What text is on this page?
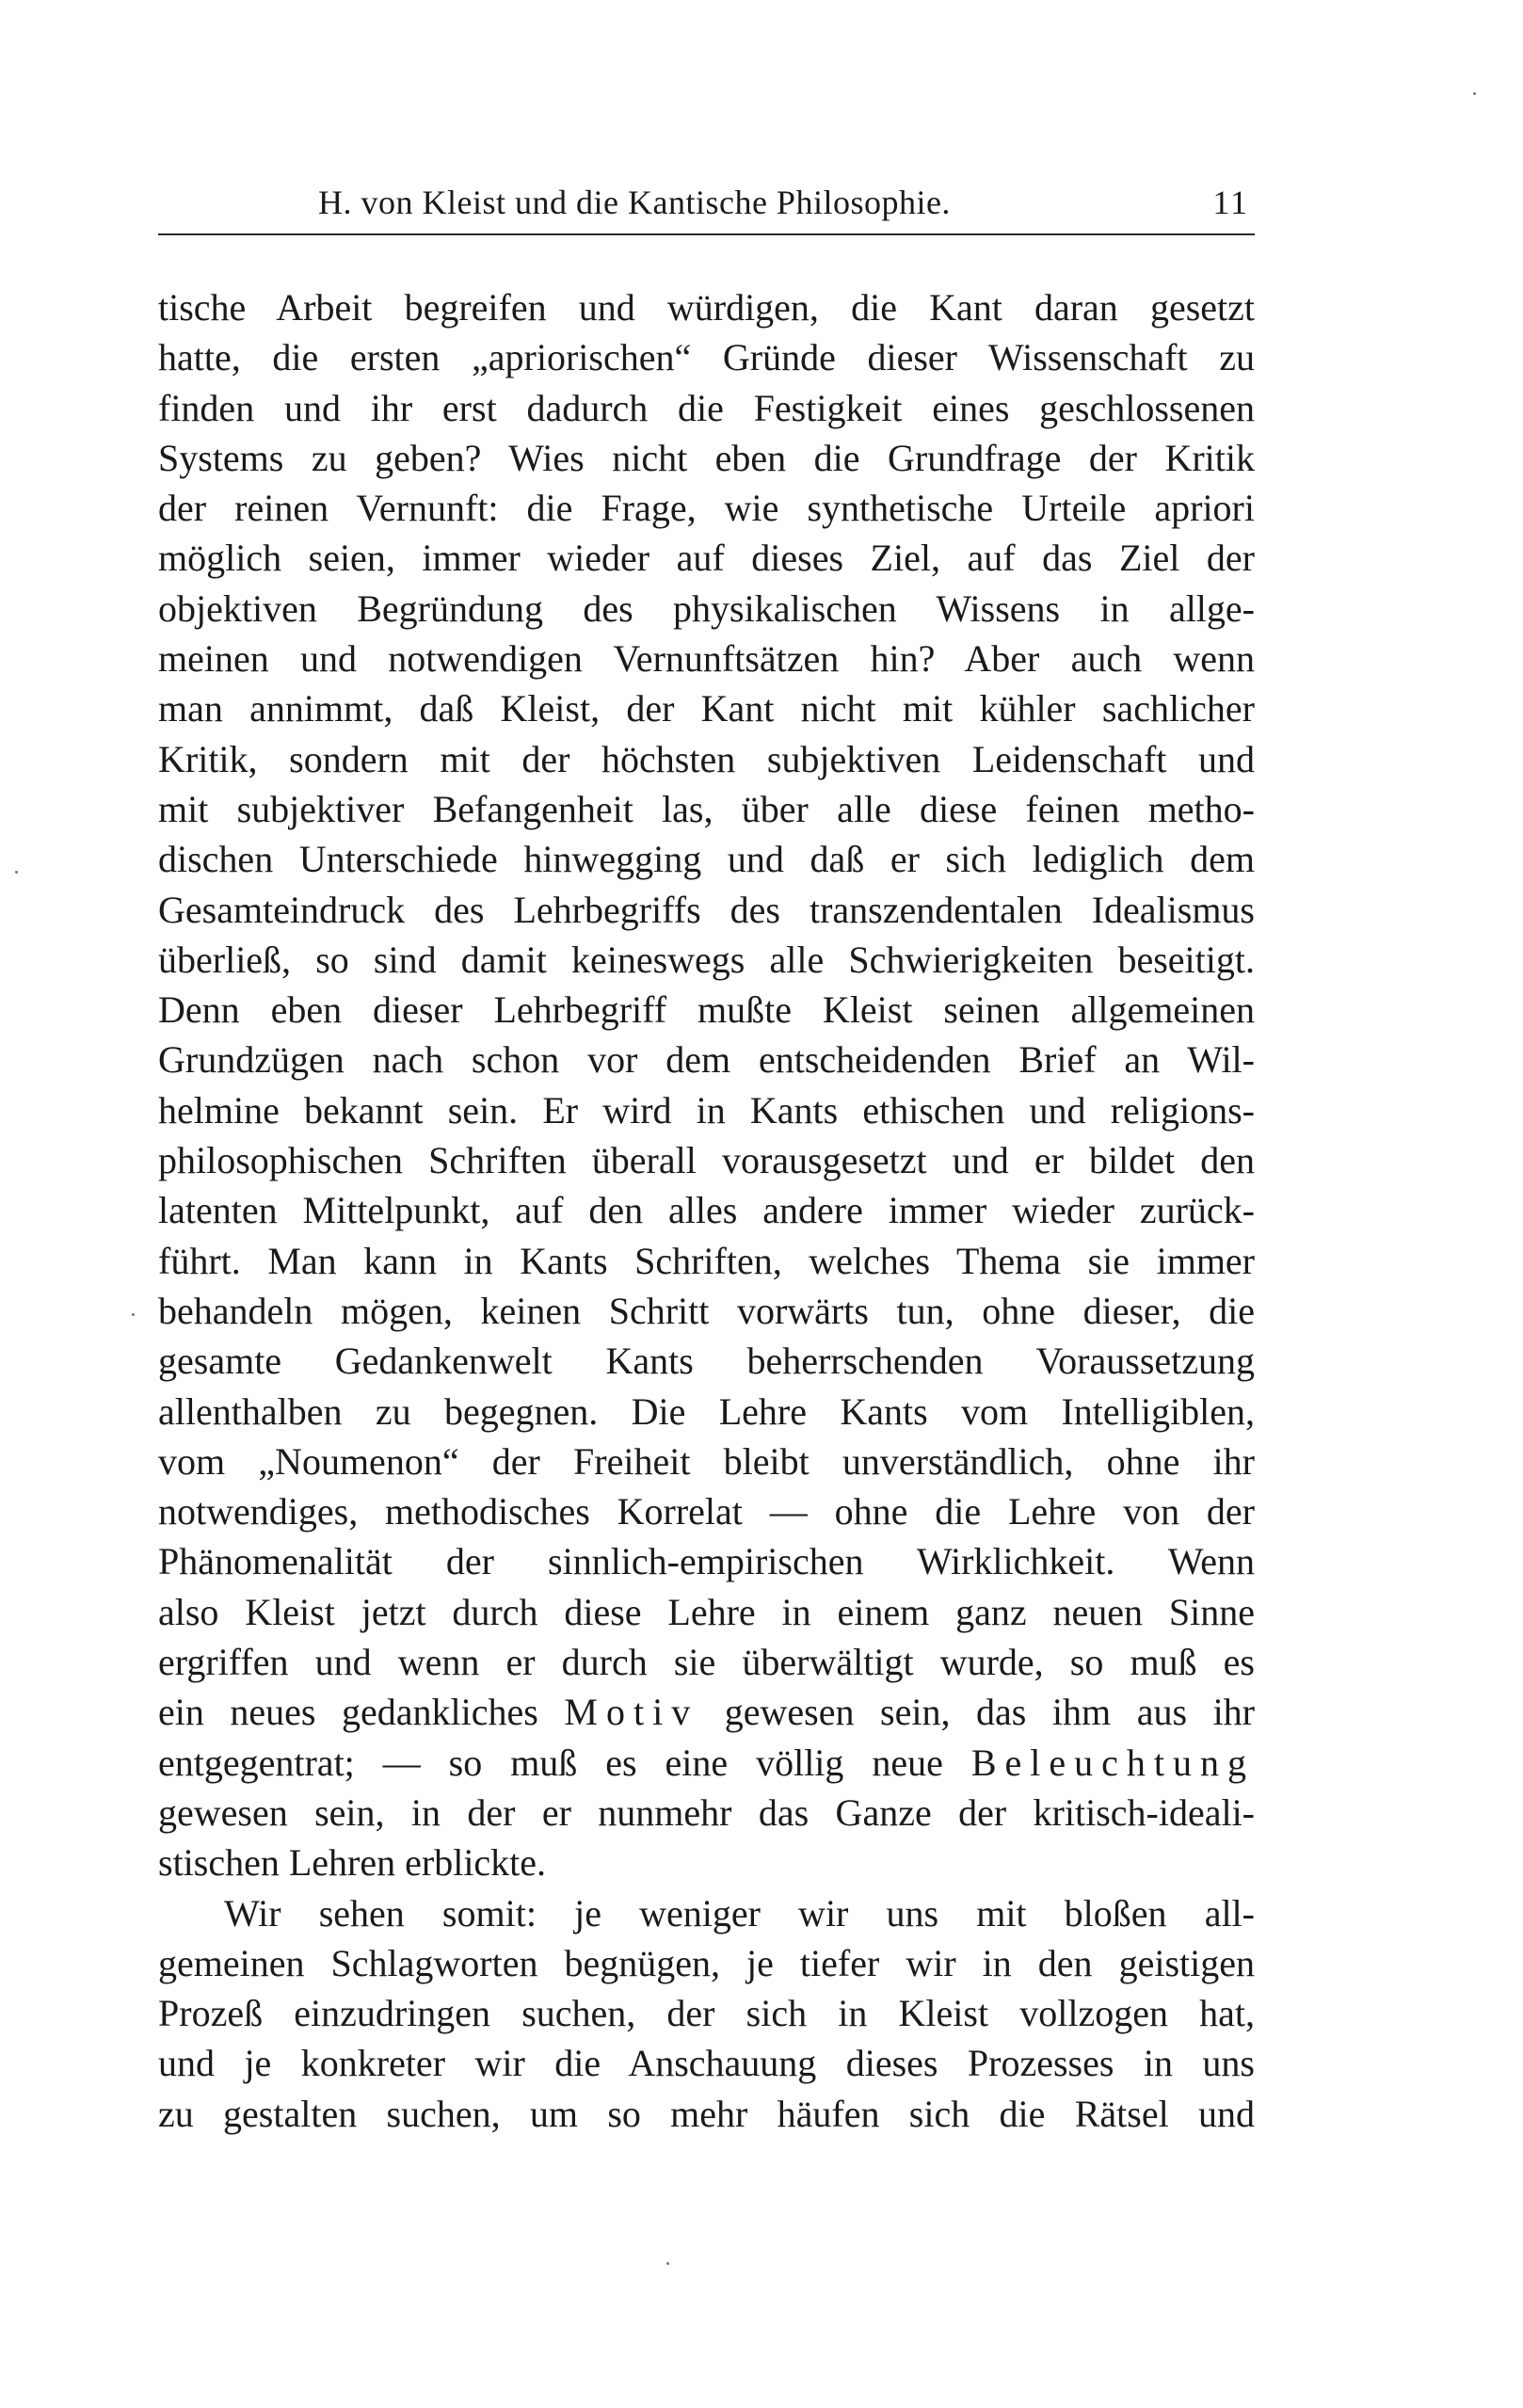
H. von Kleist und die Kantische Philosophie.	11
tische Arbeit begreifen und würdigen, die Kant daran gesetzt
hatte, die ersten „apriorischen“ Gründe dieser Wissenschaft zu
finden und ihr erst dadurch die Festigkeit eines geschlossenen
Systems zu geben? Wies nicht eben die Grundfrage der Kritik
der reinen Vernunft: die Frage, wie synthetische Urteile apriori
möglich seien, immer wieder auf dieses Ziel, auf das Ziel der
objektiven Begründung des physikalischen Wissens in allge-
meinen und notwendigen Vernunftsätzen hin? Aber auch wenn
man annimmt, daß Kleist, der Kant nicht mit kühler sachlicher
Kritik, sondern mit der höchsten subjektiven Leidenschaft und
mit subjektiver Befangenheit las, über alle diese feinen metho-
dischen Unterschiede hinwegging und daß er sich lediglich dem
Gesamteindruck des Lehrbegriffs des transzendentalen Idealismus
überließ, so sind damit keineswegs alle Schwierigkeiten beseitigt.
Denn eben dieser Lehrbegriff mußte Kleist seinen allgemeinen
Grundzügen nach schon vor dem entscheidenden Brief an Wil-
helmine bekannt sein. Er wird in Kants ethischen und religions-
philosophischen Schriften überall vorausgesetzt und er bildet den
latenten Mittelpunkt, auf den alles andere immer wieder zurück-
führt. Man kann in Kants Schriften, welches Thema sie immer
behandeln mögen, keinen Schritt vorwärts tun, ohne dieser, die
gesamte Gedankenwelt Kants beherrschenden Voraussetzung
allenthalben zu begegnen. Die Lehre Kants vom Intelligiblen,
vom „Noumenon“ der Freiheit bleibt unverständlich, ohne ihr
notwendiges, methodisches Korrelat — ohne die Lehre von der
Phänomenalität der sinnlich-empirischen Wirklichkeit. Wenn
also Kleist jetzt durch diese Lehre in einem ganz neuen Sinne
ergriffen und wenn er durch sie überwältigt wurde, so muß es
ein neues gedankliches Motiv gewesen sein, das ihm aus ihr
entgegentrat; — so muß es eine völlig neue Beleuchtung
gewesen sein, in der er nunmehr das Ganze der kritisch-ideali-
stischen Lehren erblickte.
Wir sehen somit: je weniger wir uns mit bloßen all-
gemeinen Schlagworten begnügen, je tiefer wir in den geistigen
Prozeß einzudringen suchen, der sich in Kleist vollzogen hat,
und je konkreter wir die Anschauung dieses Prozesses in uns
zu gestalten suchen, um so mehr häufen sich die Rätsel und
